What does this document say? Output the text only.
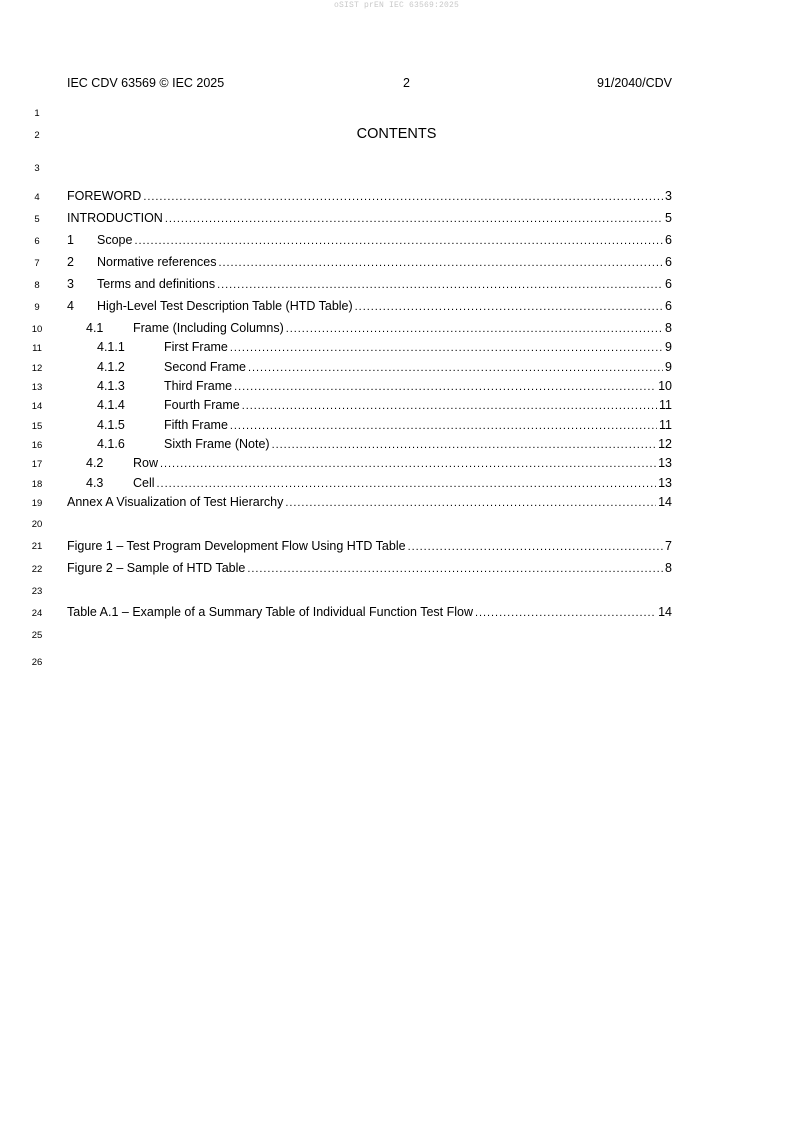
oSIST prEN IEC 63569:2025
IEC CDV 63569 © IEC 2025	2	91/2040/CDV
1
2
3
4
5
6
7
8
9
10
11
12
13
14
15
16
17
18
19
20
21
22
23
24
25
26
CONTENTS
FOREWORD . . .	3
INTRODUCTION . . .	5
1	Scope . . .	6
2	Normative references . . .	6
3	Terms and definitions . . .	6
4	High-Level Test Description Table (HTD Table) . . .	6
4.1	Frame (Including Columns) . . .	8
4.1.1	First Frame . . .	9
4.1.2	Second Frame . . .	9
4.1.3	Third Frame . . .	10
4.1.4	Fourth Frame . . .	11
4.1.5	Fifth Frame . . .	11
4.1.6	Sixth Frame (Note) . . .	12
4.2	Row . . .	13
4.3	Cell . . .	13
Annex A Visualization of Test Hierarchy . . .	14
Figure 1 – Test Program Development Flow Using HTD Table . . .	7
Figure 2 – Sample of HTD Table . . .	8
Table A.1 – Example of a Summary Table of Individual Function Test Flow . . .	14
